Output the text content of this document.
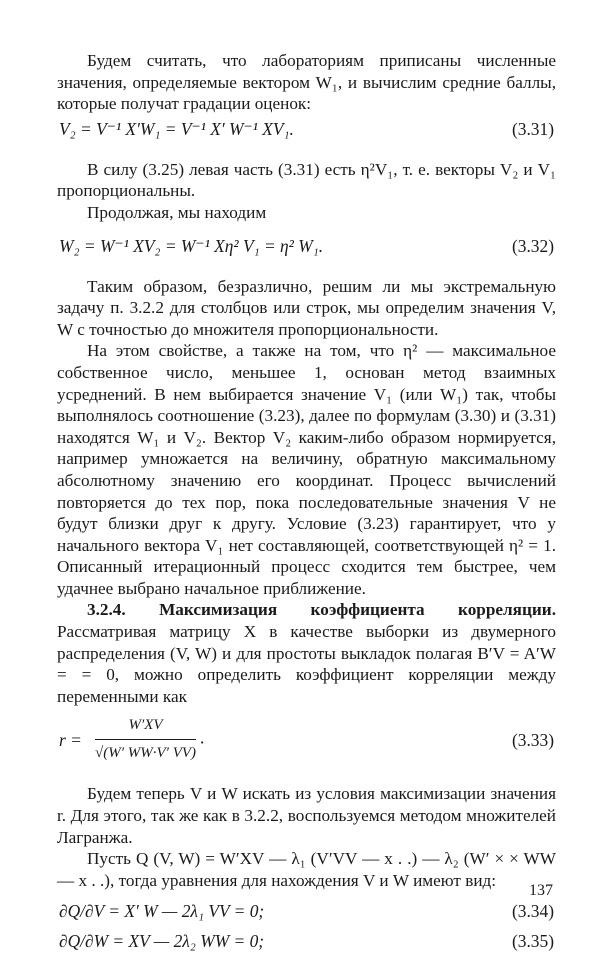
Будем считать, что лабораториям приписаны численные значения, определяемые вектором W₁, и вычислим средние баллы, которые получат градации оценок:

V₂ = V⁻¹ X′W₁ = V⁻¹ X′ W⁻¹ XV₁.	(3.31)

В силу (3.25) левая часть (3.31) есть η²V₁, т. е. векторы V₂ и V₁ пропорциональны.

Продолжая, мы находим

W₂ = W⁻¹ XV₂ = W⁻¹ Xη² V₁ = η² W₁.	(3.32)

Таким образом, безразлично, решим ли мы экстремальную задачу п. 3.2.2 для столбцов или строк, мы определим значения V, W с точностью до множителя пропорциональности.

На этом свойстве, а также на том, что η² — максимальное собственное число, меньшее 1, основан метод взаимных усреднений. В нем выбирается значение V₁ (или W₁) так, чтобы выполнялось соотношение (3.23), далее по формулам (3.30) и (3.31) находятся W₁ и V₂. Вектор V₂ каким-либо образом нормируется, например умножается на величину, обратную максимальному абсолютному значению его координат. Процесс вычислений повторяется до тех пор, пока последовательные значения V не будут близки друг к другу. Условие (3.23) гарантирует, что у начального вектора V₁ нет составляющей, соответствующей η² = 1. Описанный итерационный процесс сходится тем быстрее, чем удачнее выбрано начальное приближение.

3.2.4. Максимизация коэффициента корреляции. Рассматривая матрицу X в качестве выборки из двумерного распределения (V, W) и для простоты выкладок полагая B′V = A′W = = 0, можно определить коэффициент корреляции между переменными как

$r = \frac{W'XV}{√(W' WW\cdot V' VV)}$ .	(3.33)

Будем теперь V и W искать из условия максимизации значения r. Для этого, так же как в 3.2.2, воспользуемся методом множителей Лагранжа.

Пусть Q (V, W) = W′XV — λ₁ (V′VV — x . .) — λ₂ (W′ × × WW — x . .), тогда уравнения для нахождения V и W имеют вид:

∂Q/∂V = X′ W — 2λ₁ VV = 0;	(3.34)
∂Q/∂W = XV — 2λ₂ WW = 0;	(3.35)
137
